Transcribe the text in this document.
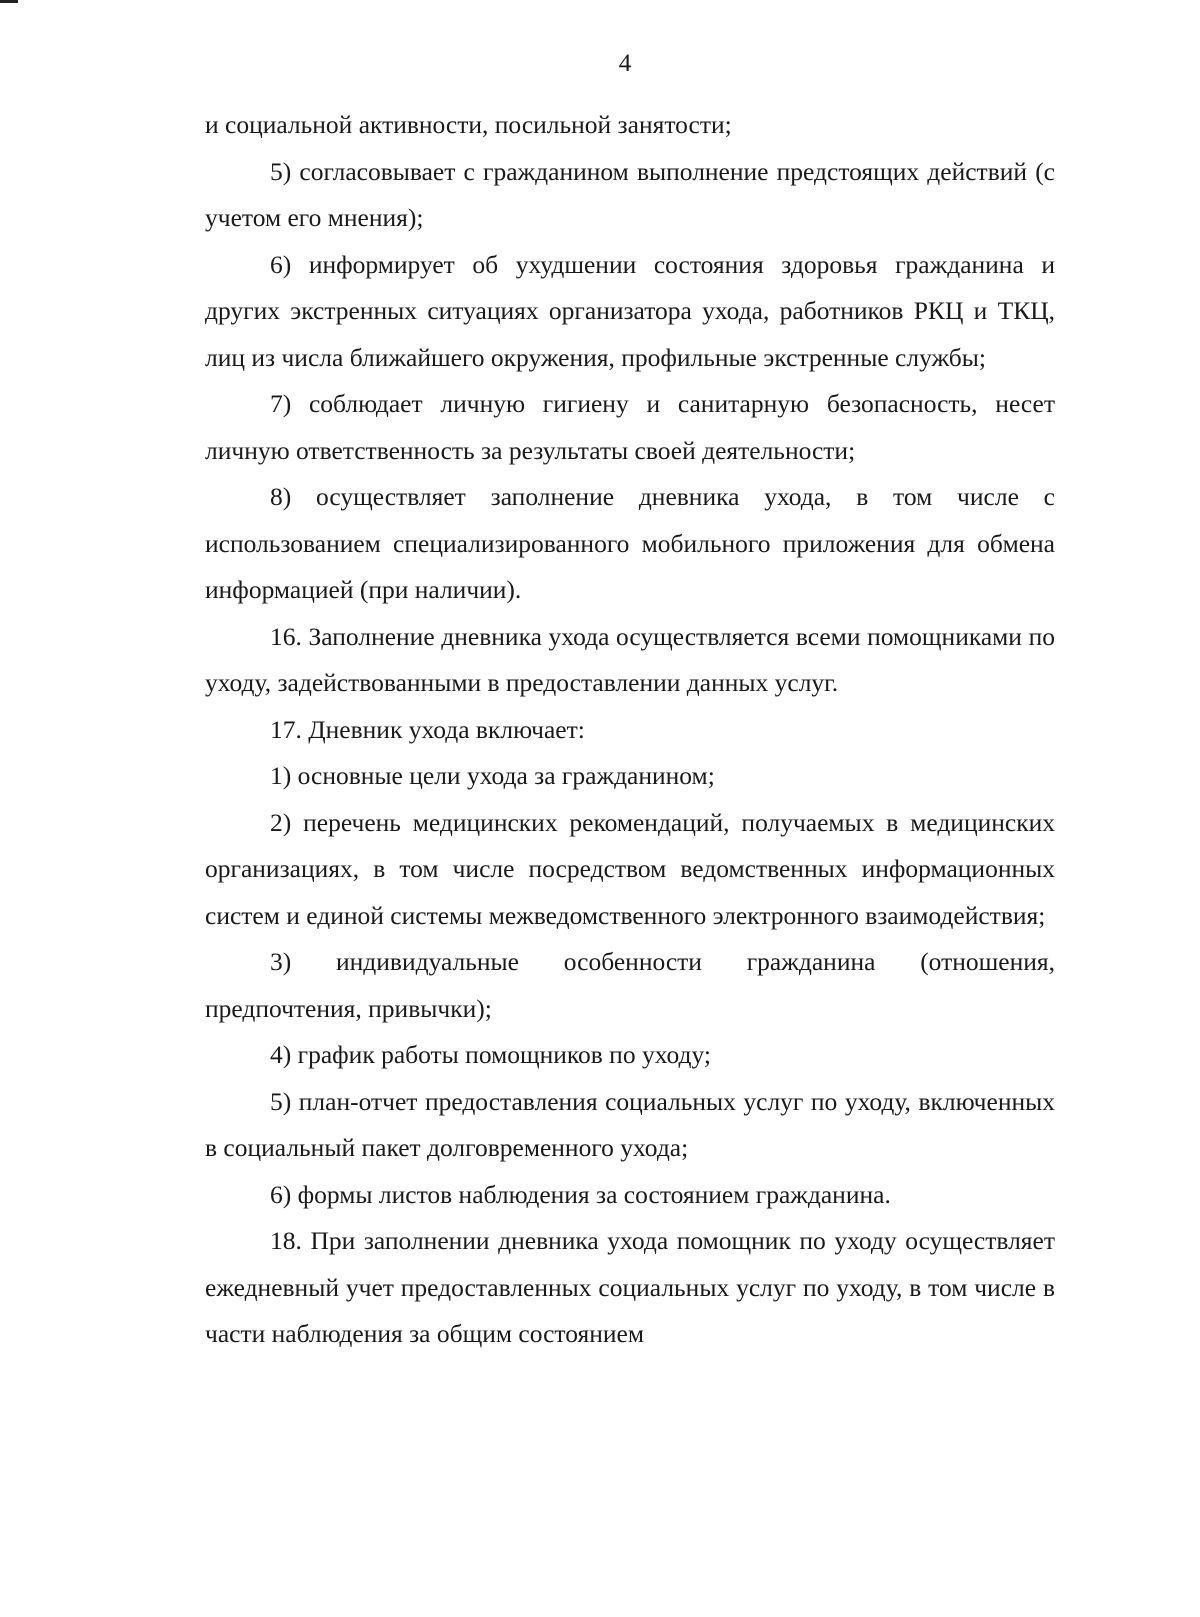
4

и социальной активности, посильной занятости;

5) согласовывает с гражданином выполнение предстоящих действий (с учетом его мнения);

6) информирует об ухудшении состояния здоровья гражданина и других экстренных ситуациях организатора ухода, работников РКЦ и ТКЦ, лиц из числа ближайшего окружения, профильные экстренные службы;

7) соблюдает личную гигиену и санитарную безопасность, несет личную ответственность за результаты своей деятельности;

8) осуществляет заполнение дневника ухода, в том числе с использованием специализированного мобильного приложения для обмена информацией (при наличии).

16. Заполнение дневника ухода осуществляется всеми помощниками по уходу, задействованными в предоставлении данных услуг.

17. Дневник ухода включает:

1) основные цели ухода за гражданином;

2) перечень медицинских рекомендаций, получаемых в медицинских организациях, в том числе посредством ведомственных информационных систем и единой системы межведомственного электронного взаимодействия;

3) индивидуальные особенности гражданина (отношения, предпочтения, привычки);

4) график работы помощников по уходу;

5) план-отчет предоставления социальных услуг по уходу, включенных в социальный пакет долговременного ухода;

6) формы листов наблюдения за состоянием гражданина.

18. При заполнении дневника ухода помощник по уходу осуществляет ежедневный учет предоставленных социальных услуг по уходу, в том числе в части наблюдения за общим состоянием
